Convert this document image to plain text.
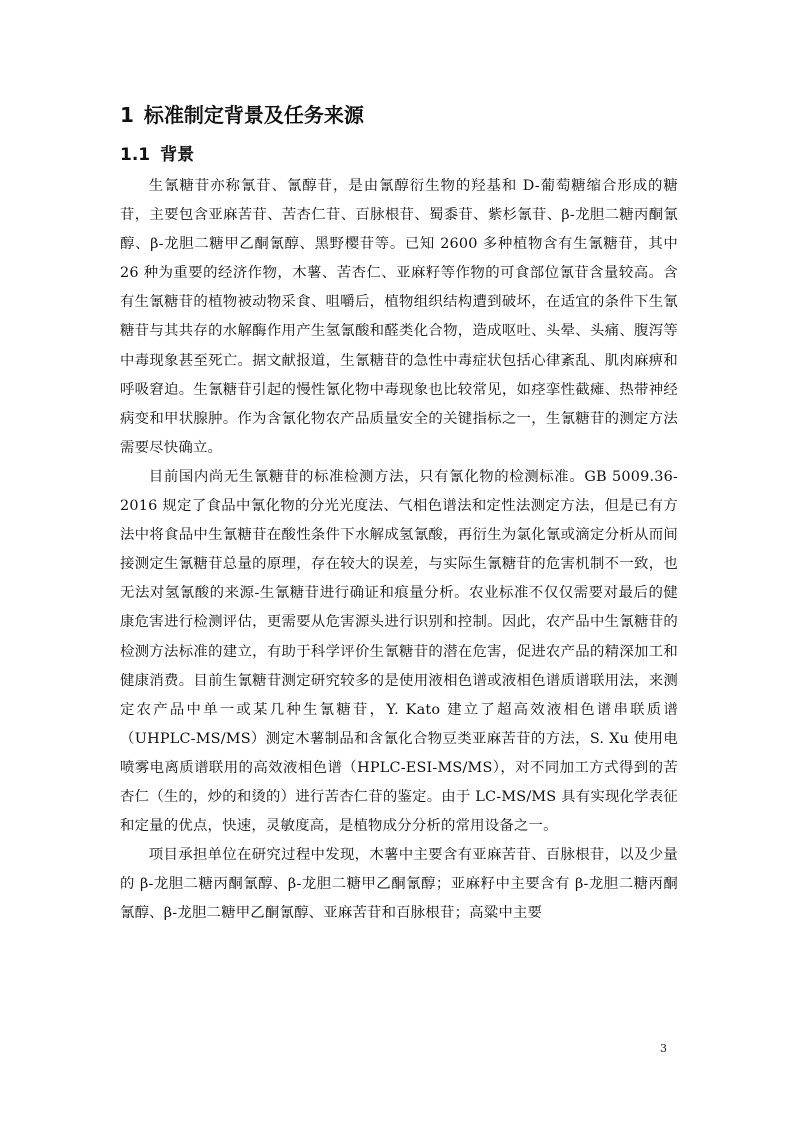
1 标准制定背景及任务来源
1.1 背景

生氰糖苷亦称氰苷、氰醇苷，是由氰醇衍生物的羟基和 D-葡萄糖缩合形成的糖苷，主要包含亚麻苦苷、苦杏仁苷、百脉根苷、蜀黍苷、紫杉氰苷、β-龙胆二糖丙酮氰醇、β-龙胆二糖甲乙酮氰醇、黑野樱苷等。已知 2600 多种植物含有生氰糖苷，其中 26 种为重要的经济作物，木薯、苦杏仁、亚麻籽等作物的可食部位氰苷含量较高。含有生氰糖苷的植物被动物采食、咀嚼后，植物组织结构遭到破坏，在适宜的条件下生氰糖苷与其共存的水解酶作用产生氢氰酸和醛类化合物，造成呕吐、头晕、头痛、腹泻等中毒现象甚至死亡。据文献报道，生氰糖苷的急性中毒症状包括心律紊乱、肌肉麻痹和呼吸窘迫。生氰糖苷引起的慢性氰化物中毒现象也比较常见，如痉挛性截瘫、热带神经病变和甲状腺肿。作为含氰化物农产品质量安全的关键指标之一，生氰糖苷的测定方法需要尽快确立。

目前国内尚无生氰糖苷的标准检测方法，只有氰化物的检测标准。GB 5009.36-2016 规定了食品中氰化物的分光光度法、气相色谱法和定性法测定方法，但是已有方法中将食品中生氰糖苷在酸性条件下水解成氢氰酸，再衍生为氯化氰或滴定分析从而间接测定生氰糖苷总量的原理，存在较大的误差，与实际生氰糖苷的危害机制不一致，也无法对氢氰酸的来源-生氰糖苷进行确证和痕量分析。农业标准不仅仅需要对最后的健康危害进行检测评估，更需要从危害源头进行识别和控制。因此，农产品中生氰糖苷的检测方法标准的建立，有助于科学评价生氰糖苷的潜在危害，促进农产品的精深加工和健康消费。目前生氰糖苷测定研究较多的是使用液相色谱或液相色谱质谱联用法，来测定农产品中单一或某几种生氰糖苷，Y. Kato 建立了超高效液相色谱串联质谱（UHPLC-MS/MS）测定木薯制品和含氰化合物豆类亚麻苦苷的方法，S. Xu 使用电喷雾电离质谱联用的高效液相色谱（HPLC-ESI-MS/MS），对不同加工方式得到的苦杏仁（生的，炒的和烫的）进行苦杏仁苷的鉴定。由于 LC-MS/MS 具有实现化学表征和定量的优点，快速，灵敏度高，是植物成分分析的常用设备之一。

项目承担单位在研究过程中发现，木薯中主要含有亚麻苦苷、百脉根苷，以及少量的 β-龙胆二糖丙酮氰醇、β-龙胆二糖甲乙酮氰醇；亚麻籽中主要含有 β-龙胆二糖丙酮氰醇、β-龙胆二糖甲乙酮氰醇、亚麻苦苷和百脉根苷；高粱中主要

3
